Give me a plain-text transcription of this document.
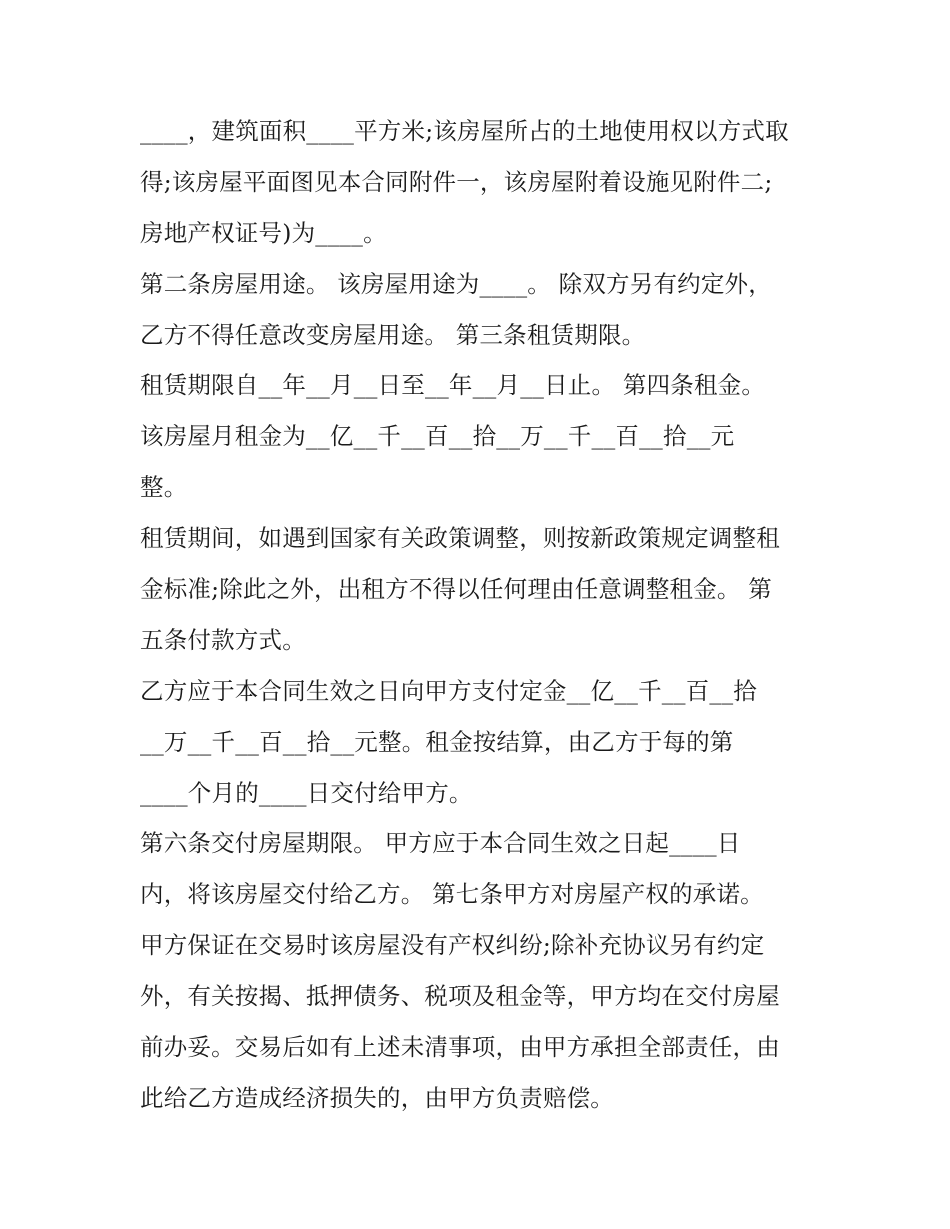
____，建筑面积____平方米;该房屋所占的土地使用权以方式取
得;该房屋平面图见本合同附件一，该房屋附着设施见附件二;
房地产权证号)为____。
第二条房屋用途。 该房屋用途为____。 除双方另有约定外，
乙方不得任意改变房屋用途。 第三条租赁期限。
租赁期限自__年__月__日至__年__月__日止。 第四条租金。
该房屋月租金为__亿__千__百__拾__万__千__百__拾__元
整。
租赁期间，如遇到国家有关政策调整，则按新政策规定调整租
金标准;除此之外，出租方不得以任何理由任意调整租金。 第
五条付款方式。
乙方应于本合同生效之日向甲方支付定金__亿__千__百__拾
__万__千__百__拾__元整。租金按结算，由乙方于每的第
____个月的____日交付给甲方。
第六条交付房屋期限。 甲方应于本合同生效之日起____日
内，将该房屋交付给乙方。 第七条甲方对房屋产权的承诺。
甲方保证在交易时该房屋没有产权纠纷;除补充协议另有约定
外，有关按揭、抵押债务、税项及租金等，甲方均在交付房屋
前办妥。交易后如有上述未清事项，由甲方承担全部责任，由
此给乙方造成经济损失的，由甲方负责赔偿。
